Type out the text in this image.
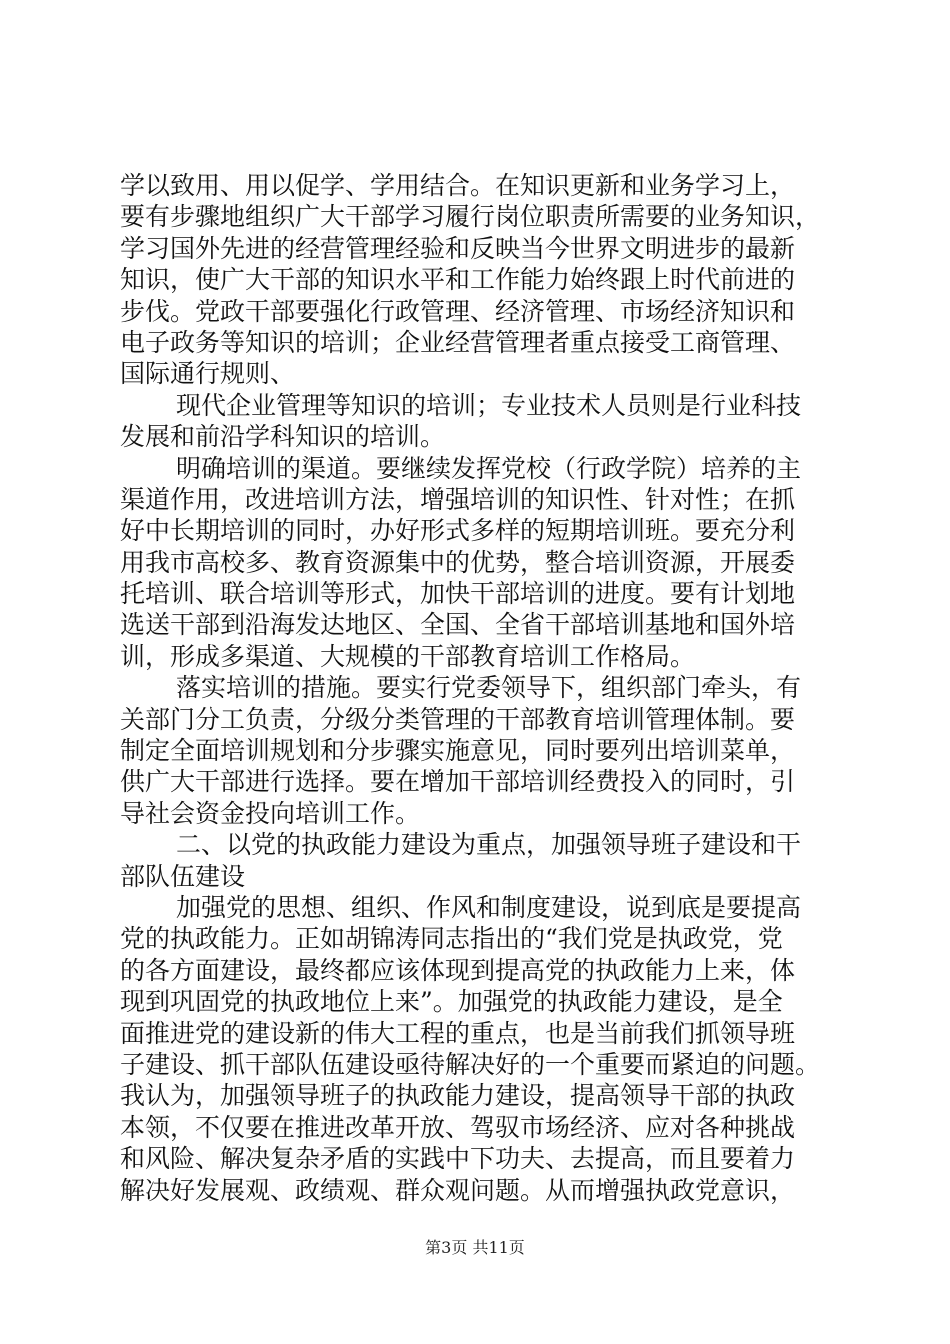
学以致用、用以促学、学用结合。在知识更新和业务学习上，
要有步骤地组织广大干部学习履行岗位职责所需要的业务知识，
学习国外先进的经营管理经验和反映当今世界文明进步的最新
知识，使广大干部的知识水平和工作能力始终跟上时代前进的
步伐。党政干部要强化行政管理、经济管理、市场经济知识和
电子政务等知识的培训；企业经营管理者重点接受工商管理、
国际通行规则、
现代企业管理等知识的培训；专业技术人员则是行业科技
发展和前沿学科知识的培训。
明确培训的渠道。要继续发挥党校（行政学院）培养的主
渠道作用，改进培训方法，增强培训的知识性、针对性；在抓
好中长期培训的同时，办好形式多样的短期培训班。要充分利
用我市高校多、教育资源集中的优势，整合培训资源，开展委
托培训、联合培训等形式，加快干部培训的进度。要有计划地
选送干部到沿海发达地区、全国、全省干部培训基地和国外培
训，形成多渠道、大规模的干部教育培训工作格局。
落实培训的措施。要实行党委领导下，组织部门牵头，有
关部门分工负责，分级分类管理的干部教育培训管理体制。要
制定全面培训规划和分步骤实施意见，同时要列出培训菜单，
供广大干部进行选择。要在增加干部培训经费投入的同时，引
导社会资金投向培训工作。
二、以党的执政能力建设为重点，加强领导班子建设和干
部队伍建设
加强党的思想、组织、作风和制度建设，说到底是要提高
党的执政能力。正如胡锦涛同志指出的“我们党是执政党，党
的各方面建设，最终都应该体现到提高党的执政能力上来，体
现到巩固党的执政地位上来”。加强党的执政能力建设，是全
面推进党的建设新的伟大工程的重点，也是当前我们抓领导班
子建设、抓干部队伍建设亟待解决好的一个重要而紧迫的问题。
我认为，加强领导班子的执政能力建设，提高领导干部的执政
本领，不仅要在推进改革开放、驾驭市场经济、应对各种挑战
和风险、解决复杂矛盾的实践中下功夫、去提高，而且要着力
解决好发展观、政绩观、群众观问题。从而增强执政党意识，
第3页 共11页
